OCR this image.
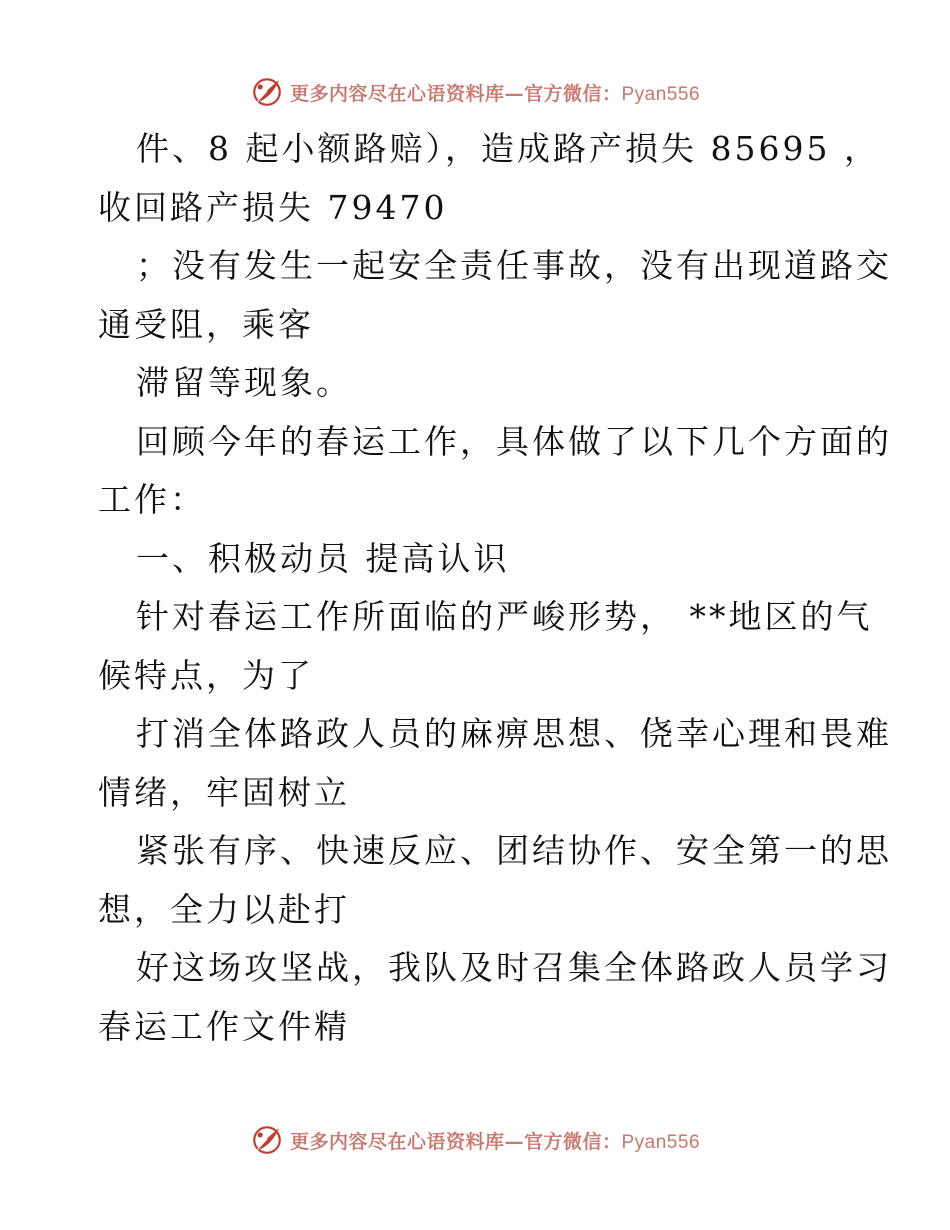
更多内容尽在心语资料库—官方微信：Pyan556
件、8 起小额路赔），造成路产损失 85695 ，
收回路产损失 79470
；没有发生一起安全责任事故，没有出现道路交
通受阻，乘客
滞留等现象。
回顾今年的春运工作，具体做了以下几个方面的
工作：
一、积极动员 提高认识
针对春运工作所面临的严峻形势， **地区的气
候特点，为了
打消全体路政人员的麻痹思想、侥幸心理和畏难
情绪，牢固树立
紧张有序、快速反应、团结协作、安全第一的思
想，全力以赴打
好这场攻坚战，我队及时召集全体路政人员学习
春运工作文件精
更多内容尽在心语资料库—官方微信：Pyan556
